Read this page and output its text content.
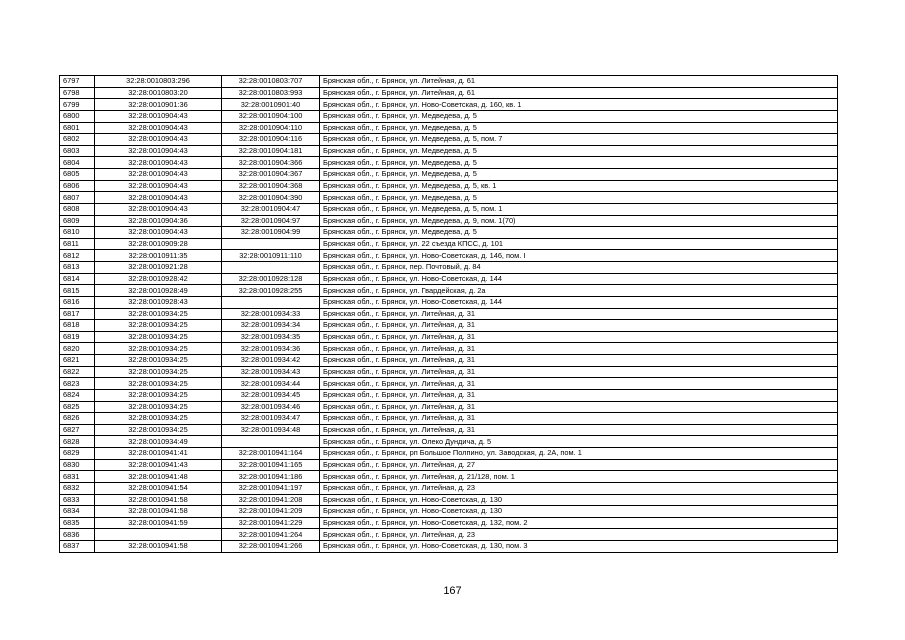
6797	32:28:0010803:296	32:28:0010803:707	Брянская обл., г. Брянск, ул. Литейная, д. 61
6798	32:28:0010803:20	32:28:0010803:993	Брянская обл., г. Брянск, ул. Литейная, д. 61
6799	32:28:0010901:36	32:28:0010901:40	Брянская обл., г. Брянск, ул. Ново-Советская, д. 160, кв. 1
6800	32:28:0010904:43	32:28:0010904:100	Брянская обл., г. Брянск, ул. Медведева, д. 5
6801	32:28:0010904:43	32:28:0010904:110	Брянская обл., г. Брянск, ул. Медведева, д. 5
6802	32:28:0010904:43	32:28:0010904:116	Брянская обл., г. Брянск, ул. Медведева, д. 5, пом. 7
6803	32:28:0010904:43	32:28:0010904:181	Брянская обл., г. Брянск, ул. Медведева, д. 5
6804	32:28:0010904:43	32:28:0010904:366	Брянская обл., г. Брянск, ул. Медведева, д. 5
6805	32:28:0010904:43	32:28:0010904:367	Брянская обл., г. Брянск, ул. Медведева, д. 5
6806	32:28:0010904:43	32:28:0010904:368	Брянская обл., г. Брянск, ул. Медведева, д. 5, кв. 1
6807	32:28:0010904:43	32:28:0010904:390	Брянская обл., г. Брянск, ул. Медведева, д. 5
6808	32:28:0010904:43	32:28:0010904:47	Брянская обл., г. Брянск, ул. Медведева, д. 5, пом. 1
6809	32:28:0010904:36	32:28:0010904:97	Брянская обл., г. Брянск, ул. Медведева, д. 9, пом. 1(70)
6810	32:28:0010904:43	32:28:0010904:99	Брянская обл., г. Брянск, ул. Медведева, д. 5
6811	32:28:0010909:28		Брянская обл., г. Брянск, ул. 22 съезда КПСС, д. 101
6812	32:28:0010911:35	32:28:0010911:110	Брянская обл., г. Брянск, ул. Ново-Советская, д. 146, пом. I
6813	32:28:0010921:28		Брянская обл., г. Брянск, пер. Почтовый, д. 84
6814	32:28:0010928:42	32:28:0010928:128	Брянская обл., г. Брянск, ул. Ново-Советская, д. 144
6815	32:28:0010928:49	32:28:0010928:255	Брянская обл., г. Брянск, ул. Гвардейская, д. 2а
6816	32:28:0010928:43		Брянская обл., г. Брянск, ул. Ново-Советская, д. 144
6817	32:28:0010934:25	32:28:0010934:33	Брянская обл., г. Брянск, ул. Литейная, д. 31
6818	32:28:0010934:25	32:28:0010934:34	Брянская обл., г. Брянск, ул. Литейная, д. 31
6819	32:28:0010934:25	32:28:0010934:35	Брянская обл., г. Брянск, ул. Литейная, д. 31
6820	32:28:0010934:25	32:28:0010934:36	Брянская обл., г. Брянск, ул. Литейная, д. 31
6821	32:28:0010934:25	32:28:0010934:42	Брянская обл., г. Брянск, ул. Литейная, д. 31
6822	32:28:0010934:25	32:28:0010934:43	Брянская обл., г. Брянск, ул. Литейная, д. 31
6823	32:28:0010934:25	32:28:0010934:44	Брянская обл., г. Брянск, ул. Литейная, д. 31
6824	32:28:0010934:25	32:28:0010934:45	Брянская обл., г. Брянск, ул. Литейная, д. 31
6825	32:28:0010934:25	32:28:0010934:46	Брянская обл., г. Брянск, ул. Литейная, д. 31
6826	32:28:0010934:25	32:28:0010934:47	Брянская обл., г. Брянск, ул. Литейная, д. 31
6827	32:28:0010934:25	32:28:0010934:48	Брянская обл., г. Брянск, ул. Литейная, д. 31
6828	32:28:0010934:49		Брянская обл., г. Брянск, ул. Олеко Дундича, д. 5
6829	32:28:0010941:41	32:28:0010941:164	Брянская обл., г. Брянск, рп Большое Полпино, ул. Заводская, д. 2А, пом. 1
6830	32:28:0010941:43	32:28:0010941:165	Брянская обл., г. Брянск, ул. Литейная, д. 27
6831	32:28:0010941:48	32:28:0010941:186	Брянская обл., г. Брянск, ул. Литейная, д. 21/128, пом. 1
6832	32:28:0010941:54	32:28:0010941:197	Брянская обл., г. Брянск, ул. Литейная, д. 23
6833	32:28:0010941:58	32:28:0010941:208	Брянская обл., г. Брянск, ул. Ново-Советская, д. 130
6834	32:28:0010941:58	32:28:0010941:209	Брянская обл., г. Брянск, ул. Ново-Советская, д. 130
6835	32:28:0010941:59	32:28:0010941:229	Брянская обл., г. Брянск, ул. Ново-Советская, д. 132, пом. 2
6836		32:28:0010941:264	Брянская обл., г. Брянск, ул. Литейная, д. 23
6837	32:28:0010941:58	32:28:0010941:266	Брянская обл., г. Брянск, ул. Ново-Советская, д. 130, пом. 3
167
